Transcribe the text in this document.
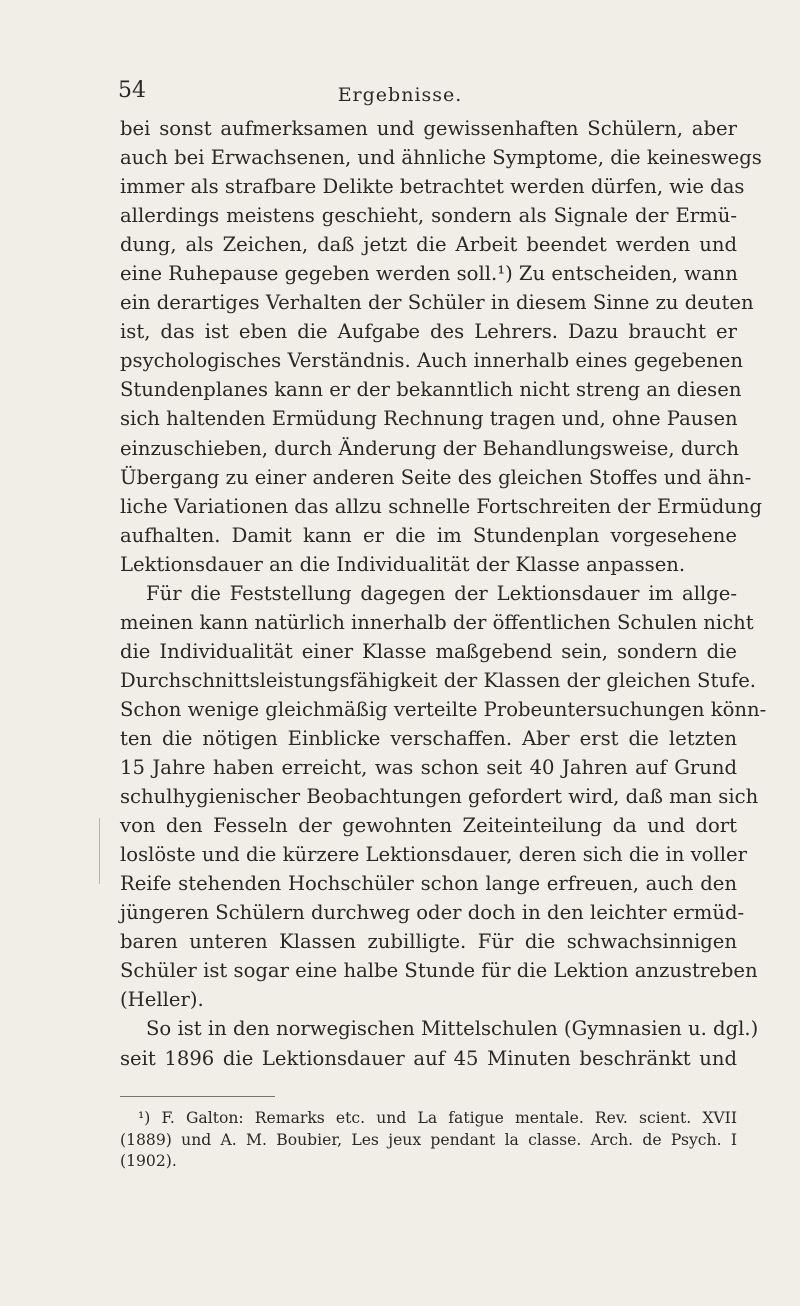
54	Ergebnisse.
bei sonst aufmerksamen und gewissenhaften Schülern, aber
auch bei Erwachsenen, und ähnliche Symptome, die keineswegs
immer als strafbare Delikte betrachtet werden dürfen, wie das
allerdings meistens geschieht, sondern als Signale der Ermü-
dung, als Zeichen, daß jetzt die Arbeit beendet werden und
eine Ruhepause gegeben werden soll.¹) Zu entscheiden, wann
ein derartiges Verhalten der Schüler in diesem Sinne zu deuten
ist, das ist eben die Aufgabe des Lehrers. Dazu braucht er
psychologisches Verständnis. Auch innerhalb eines gegebenen
Stundenplanes kann er der bekanntlich nicht streng an diesen
sich haltenden Ermüdung Rechnung tragen und, ohne Pausen
einzuschieben, durch Änderung der Behandlungsweise, durch
Übergang zu einer anderen Seite des gleichen Stoffes und ähn-
liche Variationen das allzu schnelle Fortschreiten der Ermüdung
aufhalten. Damit kann er die im Stundenplan vorgesehene
Lektionsdauer an die Individualität der Klasse anpassen.
Für die Feststellung dagegen der Lektionsdauer im allge-
meinen kann natürlich innerhalb der öffentlichen Schulen nicht
die Individualität einer Klasse maßgebend sein, sondern die
Durchschnittsleistungsfähigkeit der Klassen der gleichen Stufe.
Schon wenige gleichmäßig verteilte Probeuntersuchungen könn-
ten die nötigen Einblicke verschaffen. Aber erst die letzten
15 Jahre haben erreicht, was schon seit 40 Jahren auf Grund
schulhygienischer Beobachtungen gefordert wird, daß man sich
von den Fesseln der gewohnten Zeiteinteilung da und dort
loslöste und die kürzere Lektionsdauer, deren sich die in voller
Reife stehenden Hochschüler schon lange erfreuen, auch den
jüngeren Schülern durchweg oder doch in den leichter ermüd-
baren unteren Klassen zubilligte. Für die schwachsinnigen
Schüler ist sogar eine halbe Stunde für die Lektion anzustreben
(Heller).
So ist in den norwegischen Mittelschulen (Gymnasien u. dgl.)
seit 1896 die Lektionsdauer auf 45 Minuten beschränkt und
¹) F. Galton: Remarks etc. und La fatigue mentale. Rev. scient. XVII
(1889) und A. M. Boubier, Les jeux pendant la classe. Arch. de Psych. I
(1902).
